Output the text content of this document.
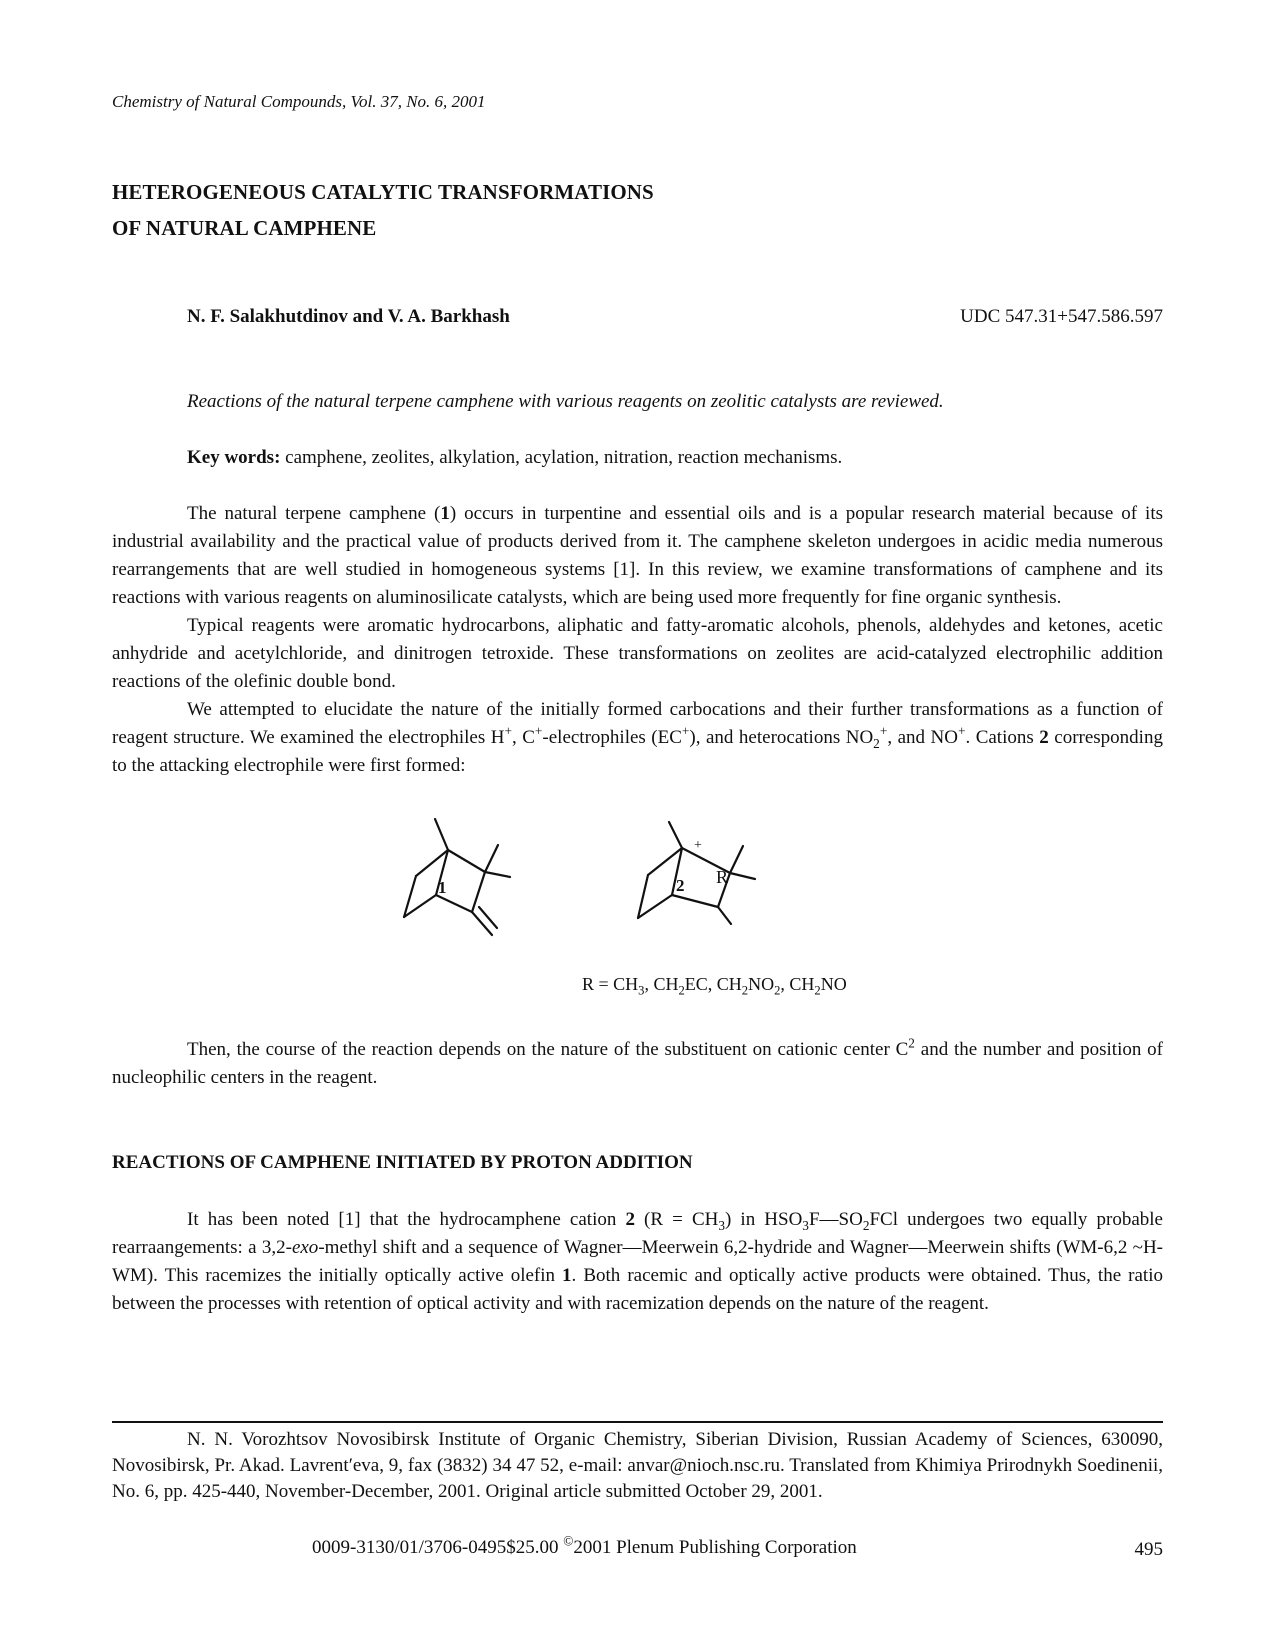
Chemistry of Natural Compounds, Vol. 37, No. 6, 2001
HETEROGENEOUS CATALYTIC TRANSFORMATIONS
OF NATURAL CAMPHENE
N. F. Salakhutdinov and V. A. Barkhash	UDC 547.31+547.586.597
Reactions of the natural terpene camphene with various reagents on zeolitic catalysts are reviewed.
Key words: camphene, zeolites, alkylation, acylation, nitration, reaction mechanisms.

The natural terpene camphene (1) occurs in turpentine and essential oils and is a popular research material because of its industrial availability and the practical value of products derived from it. The camphene skeleton undergoes in acidic media numerous rearrangements that are well studied in homogeneous systems [1]. In this review, we examine transformations of camphene and its reactions with various reagents on aluminosilicate catalysts, which are being used more frequently for fine organic synthesis.

Typical reagents were aromatic hydrocarbons, aliphatic and fatty-aromatic alcohols, phenols, aldehydes and ketones, acetic anhydride and acetylchloride, and dinitrogen tetroxide. These transformations on zeolites are acid-catalyzed electrophilic addition reactions of the olefinic double bond.

We attempted to elucidate the nature of the initially formed carbocations and their further transformations as a function of reagent structure. We examined the electrophiles H+, C+-electrophiles (EC+), and heterocations $NO_2^+$, and NO+. Cations 2 corresponding to the attacking electrophile were first formed:

1	2
+
R
$R = CH_3$, $CH_2EC$, $CH_2NO_2$, $CH_2NO$

Then, the course of the reaction depends on the nature of the substituent on cationic center $C^2$ and the number and position of nucleophilic centers in the reagent.

REACTIONS OF CAMPHENE INITIATED BY PROTON ADDITION

It has been noted [1] that the hydrocamphene cation 2 $(R = CH_3)$ in $HSO_3F—SO_2FCl$ undergoes two equally probable rearraangements: a 3,2-exo-methyl shift and a sequence of Wagner—Meerwein 6,2-hydride and Wagner—Meerwein shifts (WM-6,2 ~H-WM). This racemizes the initially optically active olefin 1. Both racemic and optically active products were obtained. Thus, the ratio between the processes with retention of optical activity and with racemization depends on the nature of the reagent.

N. N. Vorozhtsov Novosibirsk Institute of Organic Chemistry, Siberian Division, Russian Academy of Sciences, 630090, Novosibirsk, Pr. Akad. Lavrent′eva, 9, fax (3832) 34 47 52, e-mail: anvar@nioch.nsc.ru. Translated from Khimiya Prirodnykh Soedinenii, No. 6, pp. 425-440, November-December, 2001. Original article submitted October 29, 2001.

0009-3130/01/3706-0495$25.00 ©2001 Plenum Publishing Corporation	495
